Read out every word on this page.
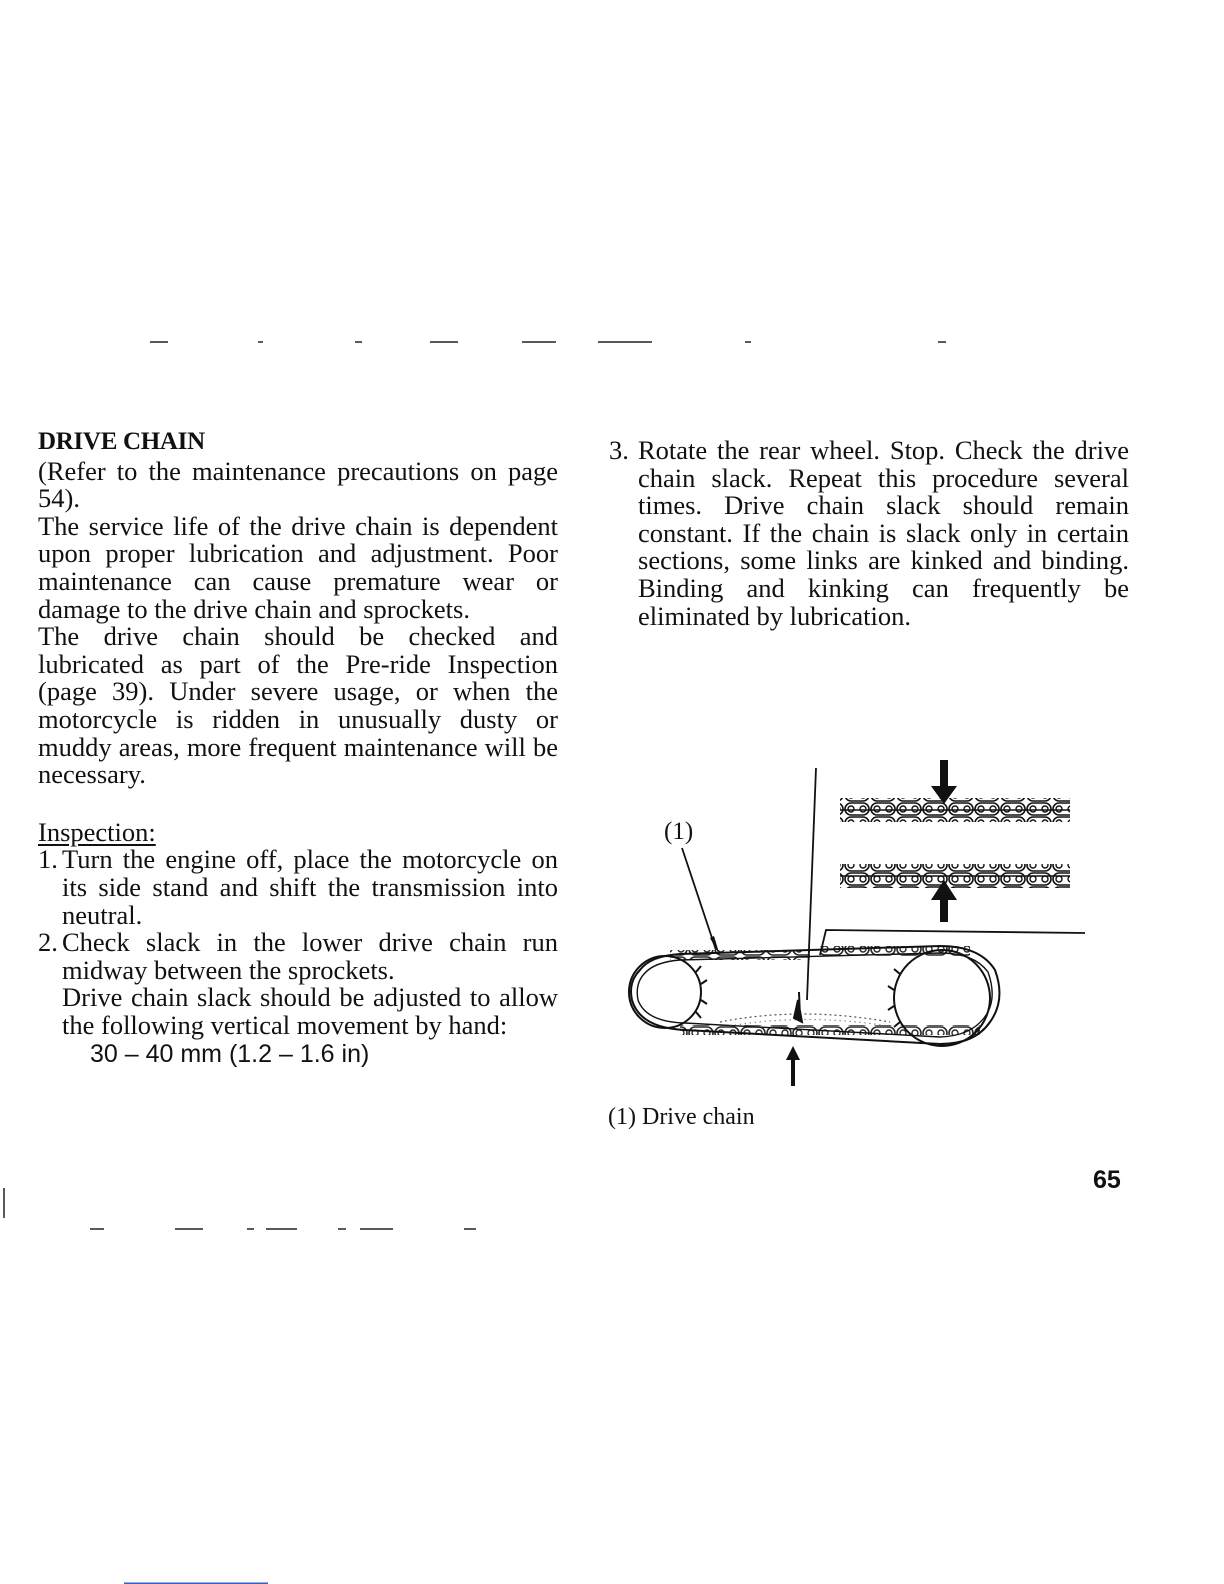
DRIVE CHAIN

(Refer to the maintenance precautions on page 54).

The service life of the drive chain is dependent upon proper lubrication and adjustment. Poor maintenance can cause premature wear or damage to the drive chain and sprockets.

The drive chain should be checked and lubricated as part of the Pre-ride Inspection (page 39). Under severe usage, or when the motorcycle is ridden in unusually dusty or muddy areas, more frequent maintenance will be necessary.

Inspection:
1. Turn the engine off, place the motorcycle on its side stand and shift the transmission into neutral.
2. Check slack in the lower drive chain run midway between the sprockets.
Drive chain slack should be adjusted to allow the following vertical movement by hand:
30 – 40 mm (1.2 – 1.6 in)
3. Rotate the rear wheel. Stop. Check the drive chain slack. Repeat this procedure several times. Drive chain slack should remain constant. If the chain is slack only in certain sections, some links are kinked and binding. Binding and kinking can frequently be eliminated by lubrication.
(1)
(1) Drive chain
65
